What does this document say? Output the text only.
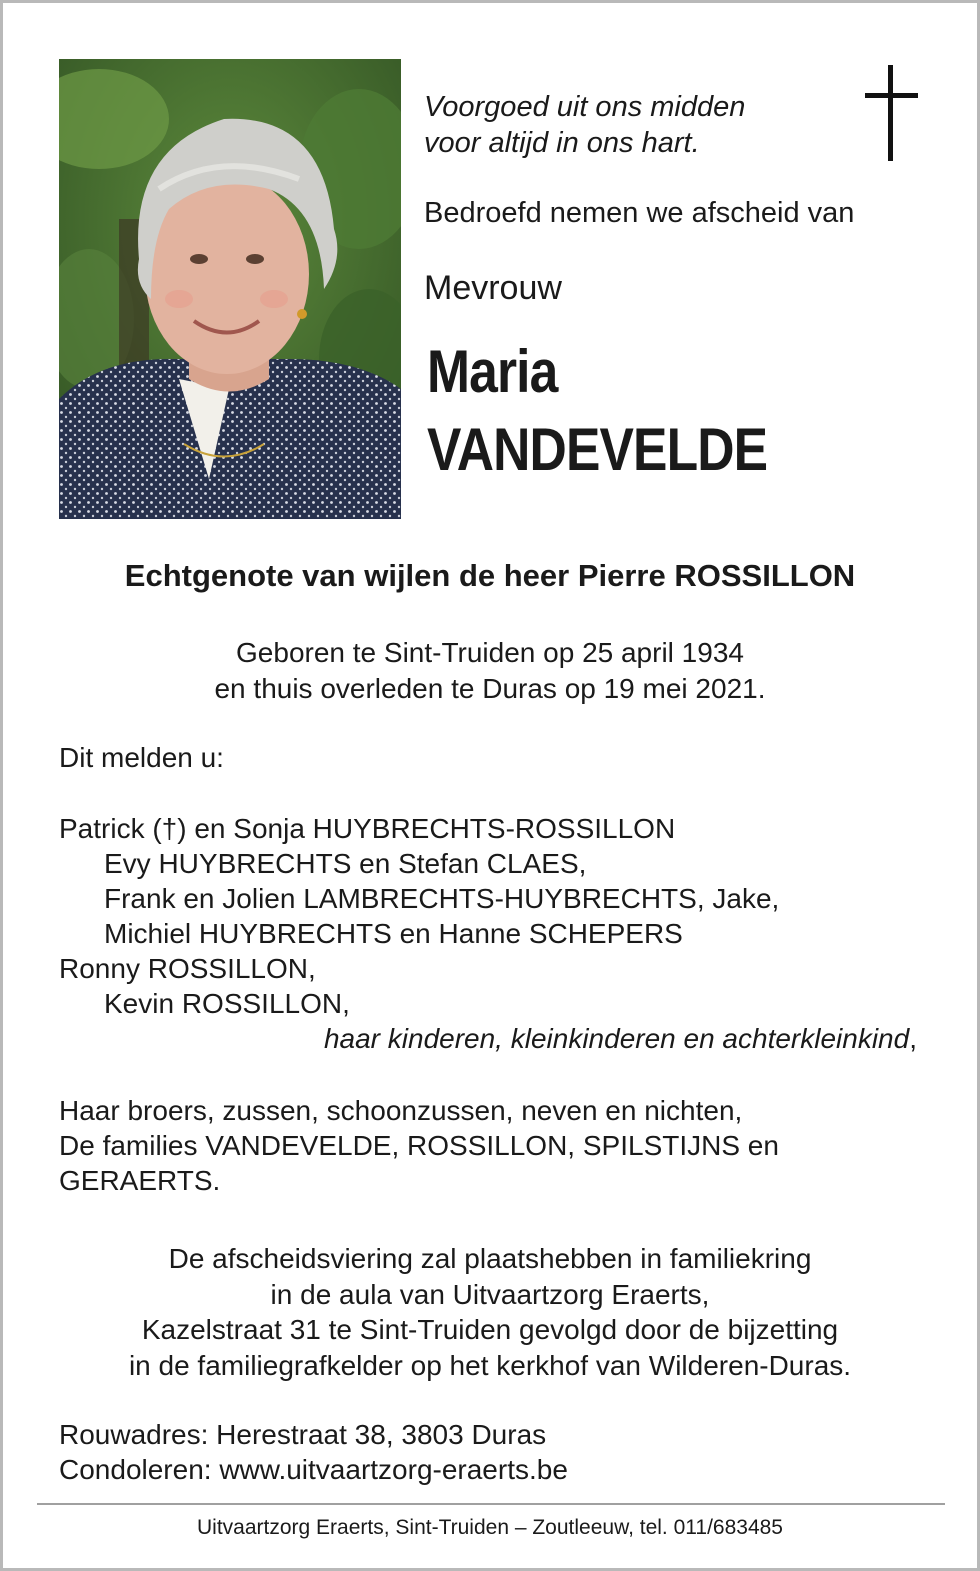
Voorgoed uit ons midden
voor altijd in ons hart.
Bedroefd nemen we afscheid van
Mevrouw
Maria
VANDEVELDE
Echtgenote van wijlen de heer Pierre ROSSILLON
Geboren te Sint-Truiden op 25 april 1934
en thuis overleden te Duras op 19 mei 2021.
Dit melden u:
Patrick (†) en Sonja HUYBRECHTS-ROSSILLON
Evy HUYBRECHTS en Stefan CLAES,
Frank en Jolien LAMBRECHTS-HUYBRECHTS, Jake,
Michiel HUYBRECHTS en Hanne SCHEPERS
Ronny ROSSILLON,
Kevin ROSSILLON,
haar kinderen, kleinkinderen en achterkleinkind,
Haar broers, zussen, schoonzussen, neven en nichten,
De families VANDEVELDE, ROSSILLON, SPILSTIJNS en
GERAERTS.
De afscheidsviering zal plaatshebben in familiekring
in de aula van Uitvaartzorg Eraerts,
Kazelstraat 31 te Sint-Truiden gevolgd door de bijzetting
in de familiegrafkelder op het kerkhof van Wilderen-Duras.
Rouwadres: Herestraat 38, 3803 Duras
Condoleren: www.uitvaartzorg-eraerts.be
Uitvaartzorg Eraerts, Sint-Truiden – Zoutleeuw, tel. 011/683485
